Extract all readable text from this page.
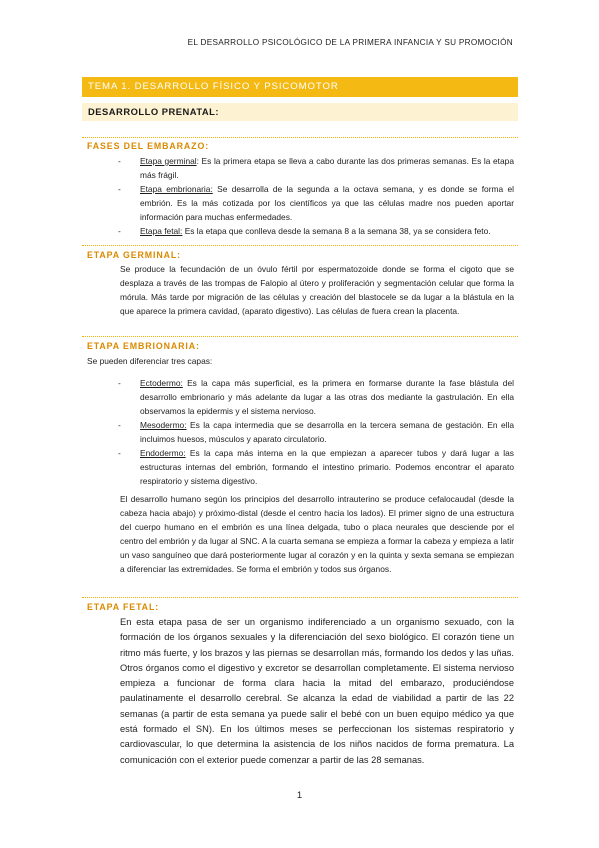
EL DESARROLLO PSICOLÓGICO DE LA PRIMERA INFANCIA Y SU PROMOCIÓN
TEMA 1. DESARROLLO FÍSICO Y PSICOMOTOR
DESARROLLO PRENATAL:
FASES DEL EMBARAZO:
- Etapa germinal: Es la primera etapa se lleva a cabo durante las dos primeras semanas. Es la etapa más frágil.
- Etapa embrionaria: Se desarrolla de la segunda a la octava semana, y es donde se forma el embrión. Es la más cotizada por los científicos ya que las células madre nos pueden aportar información para muchas enfermedades.
- Etapa fetal: Es la etapa que conlleva desde la semana 8 a la semana 38, ya se considera feto.
ETAPA GERMINAL:
Se produce la fecundación de un óvulo fértil por espermatozoide donde se forma el cigoto que se desplaza a través de las trompas de Falopio al útero y proliferación y segmentación celular que forma la mórula. Más tarde por migración de las células y creación del blastocele se da lugar a la blástula en la que aparece la primera cavidad, (aparato digestivo). Las células de fuera crean la placenta.
ETAPA EMBRIONARIA:
Se pueden diferenciar tres capas:
- Ectodermo: Es la capa más superficial, es la primera en formarse durante la fase blástula del desarrollo embrionario y más adelante da lugar a las otras dos mediante la gastrulación. En ella observamos la epidermis y el sistema nervioso.
- Mesodermo: Es la capa intermedia que se desarrolla en la tercera semana de gestación. En ella incluimos huesos, músculos y aparato circulatorio.
- Endodermo: Es la capa más interna en la que empiezan a aparecer tubos y dará lugar a las estructuras internas del embrión, formando el intestino primario. Podemos encontrar el aparato respiratorio y sistema digestivo.
El desarrollo humano según los principios del desarrollo intrauterino se produce cefalocaudal (desde la cabeza hacia abajo) y próximo-distal (desde el centro hacia los lados). El primer signo de una estructura del cuerpo humano en el embrión es una línea delgada, tubo o placa neurales que desciende por el centro del embrión y da lugar al SNC. A la cuarta semana se empieza a formar la cabeza y empieza a latir un vaso sanguíneo que dará posteriormente lugar al corazón y en la quinta y sexta semana se empiezan a diferenciar las extremidades. Se forma el embrión y todos sus órganos.
ETAPA FETAL:
En esta etapa pasa de ser un organismo indiferenciado a un organismo sexuado, con la formación de los órganos sexuales y la diferenciación del sexo biológico. El corazón tiene un ritmo más fuerte, y los brazos y las piernas se desarrollan más, formando los dedos y las uñas. Otros órganos como el digestivo y excretor se desarrollan completamente. El sistema nervioso empieza a funcionar de forma clara hacia la mitad del embarazo, produciéndose paulatinamente el desarrollo cerebral. Se alcanza la edad de viabilidad a partir de las 22 semanas (a partir de esta semana ya puede salir el bebé con un buen equipo médico ya que está formado el SN). En los últimos meses se perfeccionan los sistemas respiratorio y cardiovascular, lo que determina la asistencia de los niños nacidos de forma prematura. La comunicación con el exterior puede comenzar a partir de las 28 semanas.
1
